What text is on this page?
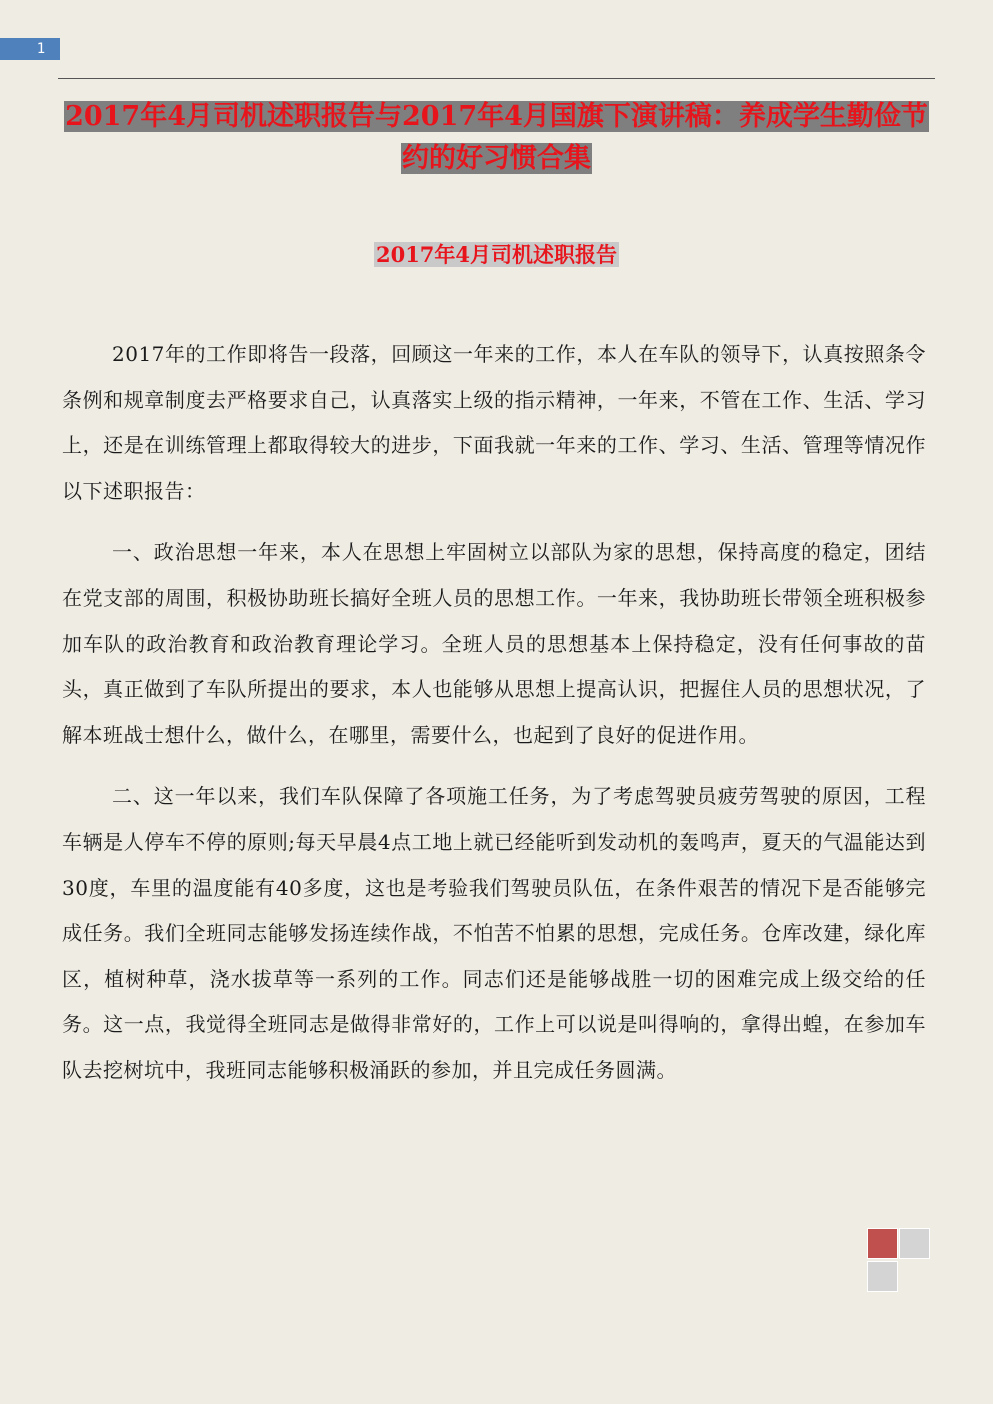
1
2017年4月司机述职报告与2017年4月国旗下演讲稿：养成学生勤俭节约的好习惯合集
2017年4月司机述职报告

2017年的工作即将告一段落，回顾这一年来的工作，本人在车队的领导下，认真按照条令条例和规章制度去严格要求自己，认真落实上级的指示精神，一年来，不管在工作、生活、学习上，还是在训练管理上都取得较大的进步，下面我就一年来的工作、学习、生活、管理等情况作以下述职报告：

一、政治思想一年来，本人在思想上牢固树立以部队为家的思想，保持高度的稳定，团结在党支部的周围，积极协助班长搞好全班人员的思想工作。一年来，我协助班长带领全班积极参加车队的政治教育和政治教育理论学习。全班人员的思想基本上保持稳定，没有任何事故的苗头，真正做到了车队所提出的要求，本人也能够从思想上提高认识，把握住人员的思想状况，了解本班战士想什么，做什么，在哪里，需要什么，也起到了良好的促进作用。

二、这一年以来，我们车队保障了各项施工任务，为了考虑驾驶员疲劳驾驶的原因，工程车辆是人停车不停的原则;每天早晨4点工地上就已经能听到发动机的轰鸣声，夏天的气温能达到30度，车里的温度能有40多度，这也是考验我们驾驶员队伍，在条件艰苦的情况下是否能够完成任务。我们全班同志能够发扬连续作战，不怕苦不怕累的思想，完成任务。仓库改建，绿化库区，植树种草，浇水拔草等一系列的工作。同志们还是能够战胜一切的困难完成上级交给的任务。这一点，我觉得全班同志是做得非常好的，工作上可以说是叫得响的，拿得出蝗，在参加车队去挖树坑中，我班同志能够积极涌跃的参加，并且完成任务圆满。
